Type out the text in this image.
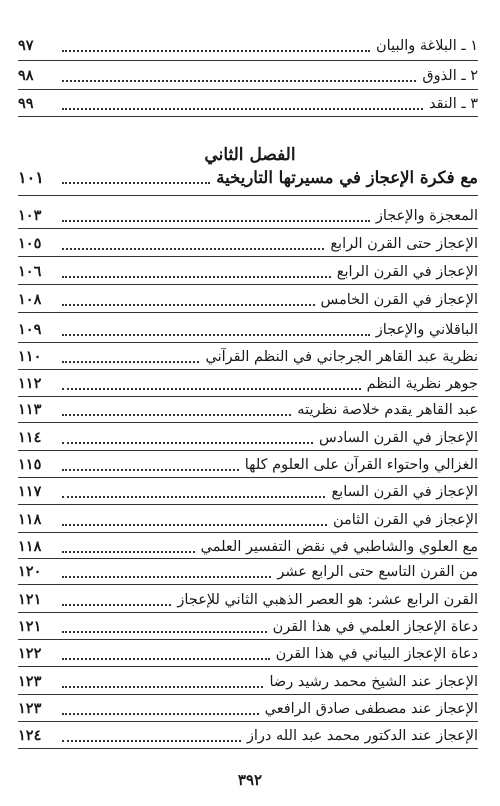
١ ـ البلاغة والبيان
٩٧
٢ ـ الذوق
٩٨
٣ ـ النقد
٩٩
الفصل الثاني
مع فكرة الإعجاز في مسيرتها التاريخية
١٠١
المعجزة والإعجاز
١٠٣
الإعجاز حتى القرن الرابع
١٠٥
الإعجاز في القرن الرابع
١٠٦
الإعجاز في القرن الخامس
١٠٨
الباقلاني والإعجاز
١٠٩
نظرية عبد القاهر الجرجاني في النظم القرآني
١١٠
جوهر نظرية النظم
١١٢
عبد القاهر يقدم خلاصة نظريته
١١٣
الإعجاز في القرن السادس
١١٤
الغزالي واحتواء القرآن على العلوم كلها
١١٥
الإعجاز في القرن السابع
١١٧
الإعجاز في القرن الثامن
١١٨
مع العلوي والشاطبي في نقض التفسير العلمي
١١٨
من القرن التاسع حتى الرابع عشر
١٢٠
القرن الرابع عشر: هو العصر الذهبي الثاني للإعجاز
١٢١
دعاة الإعجاز العلمي في هذا القرن
١٢١
دعاة الإعجاز البياني في هذا القرن
١٢٢
الإعجاز عند الشيخ محمد رشيد رضا
١٢٣
الإعجاز عند مصطفى صادق الرافعي
١٢٣
الإعجاز عند الدكتور محمد عبد الله دراز
١٢٤
٣٩٢
